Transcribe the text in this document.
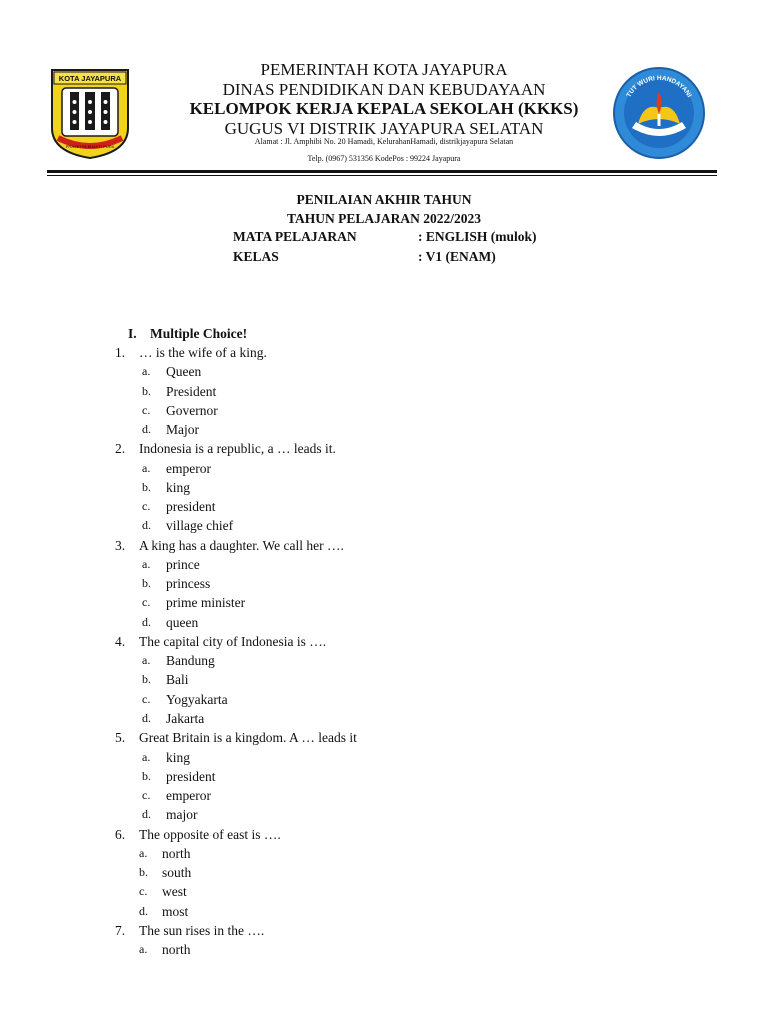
KOTA JAYAPURA
PRASETYA BHAKTI PURA
TUT WURI HANDAYANI
PEMERINTAH KOTA JAYAPURA
DINAS PENDIDIKAN DAN KEBUDAYAAN
KELOMPOK KERJA KEPALA SEKOLAH (KKKS)
GUGUS VI DISTRIK JAYAPURA SELATAN
Alamat : Jl. Amphibi No. 20 Hamadi, KelurahanHamadi, distrikjayapura Selatan
Telp. (0967) 531356 KodePos : 99224 Jayapura
PENILAIAN AKHIR TAHUN
TAHUN PELAJARAN 2022/2023
MATA PELAJARAN	: ENGLISH (mulok)
KELAS	: V1 (ENAM)
I. Multiple Choice!
1. … is the wife of a king.
a. Queen
b. President
c. Governor
d. Major
2. Indonesia is a republic, a … leads it.
a. emperor
b. king
c. president
d. village chief
3. A king has a daughter. We call her ….
a. prince
b. princess
c. prime minister
d. queen
4. The capital city of Indonesia is ….
a. Bandung
b. Bali
c. Yogyakarta
d. Jakarta
5. Great Britain is a kingdom. A … leads it
a. king
b. president
c. emperor
d. major
6. The opposite of east is ….
a. north
b. south
c. west
d. most
7. The sun rises in the ….
a. north
